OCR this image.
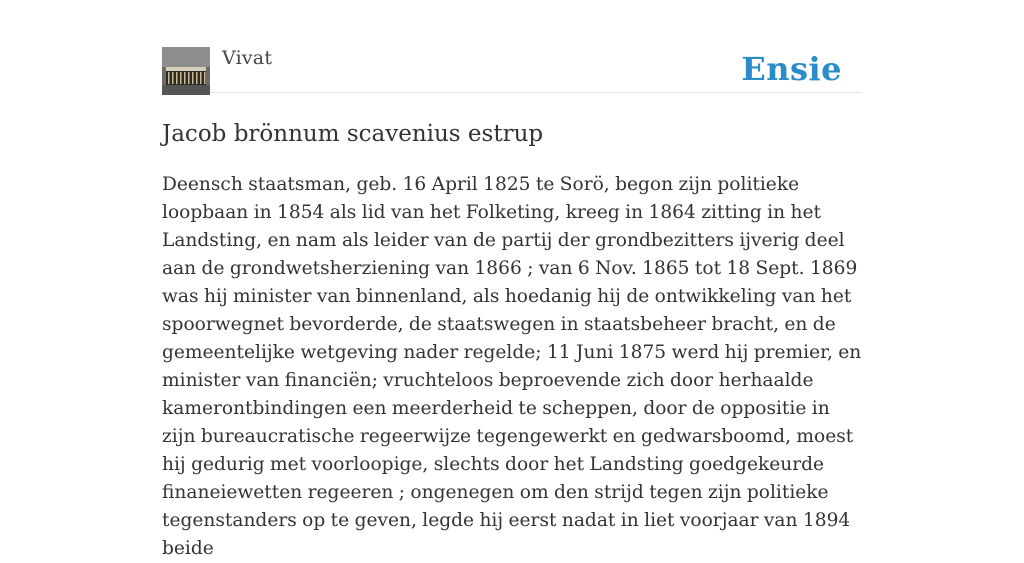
Vivat	Ensie
Jacob brönnum scavenius estrup

Deensch staatsman, geb. 16 April 1825 te Sorö, begon zijn politieke loopbaan in 1854 als lid van het Folketing, kreeg in 1864 zitting in het Landsting, en nam als leider van de partij der grondbezitters ijverig deel aan de grondwetsherziening van 1866 ; van 6 Nov. 1865 tot 18 Sept. 1869 was hij minister van binnenland, als hoedanig hij de ontwikkeling van het spoorwegnet bevorderde, de staatswegen in staatsbeheer bracht, en de gemeentelijke wetgeving nader regelde; 11 Juni 1875 werd hij premier, en minister van financiën; vruchteloos beproevende zich door herhaalde kamerontbindingen een meerderheid te scheppen, door de oppositie in zijn bureaucratische regeerwijze tegengewerkt en gedwarsboomd, moest hij gedurig met voorloopige, slechts door het Landsting goedgekeurde finaneiewetten regeeren ; ongenegen om den strijd tegen zijn politieke tegenstanders op te geven, legde hij eerst nadat in liet voorjaar van 1894 beide
